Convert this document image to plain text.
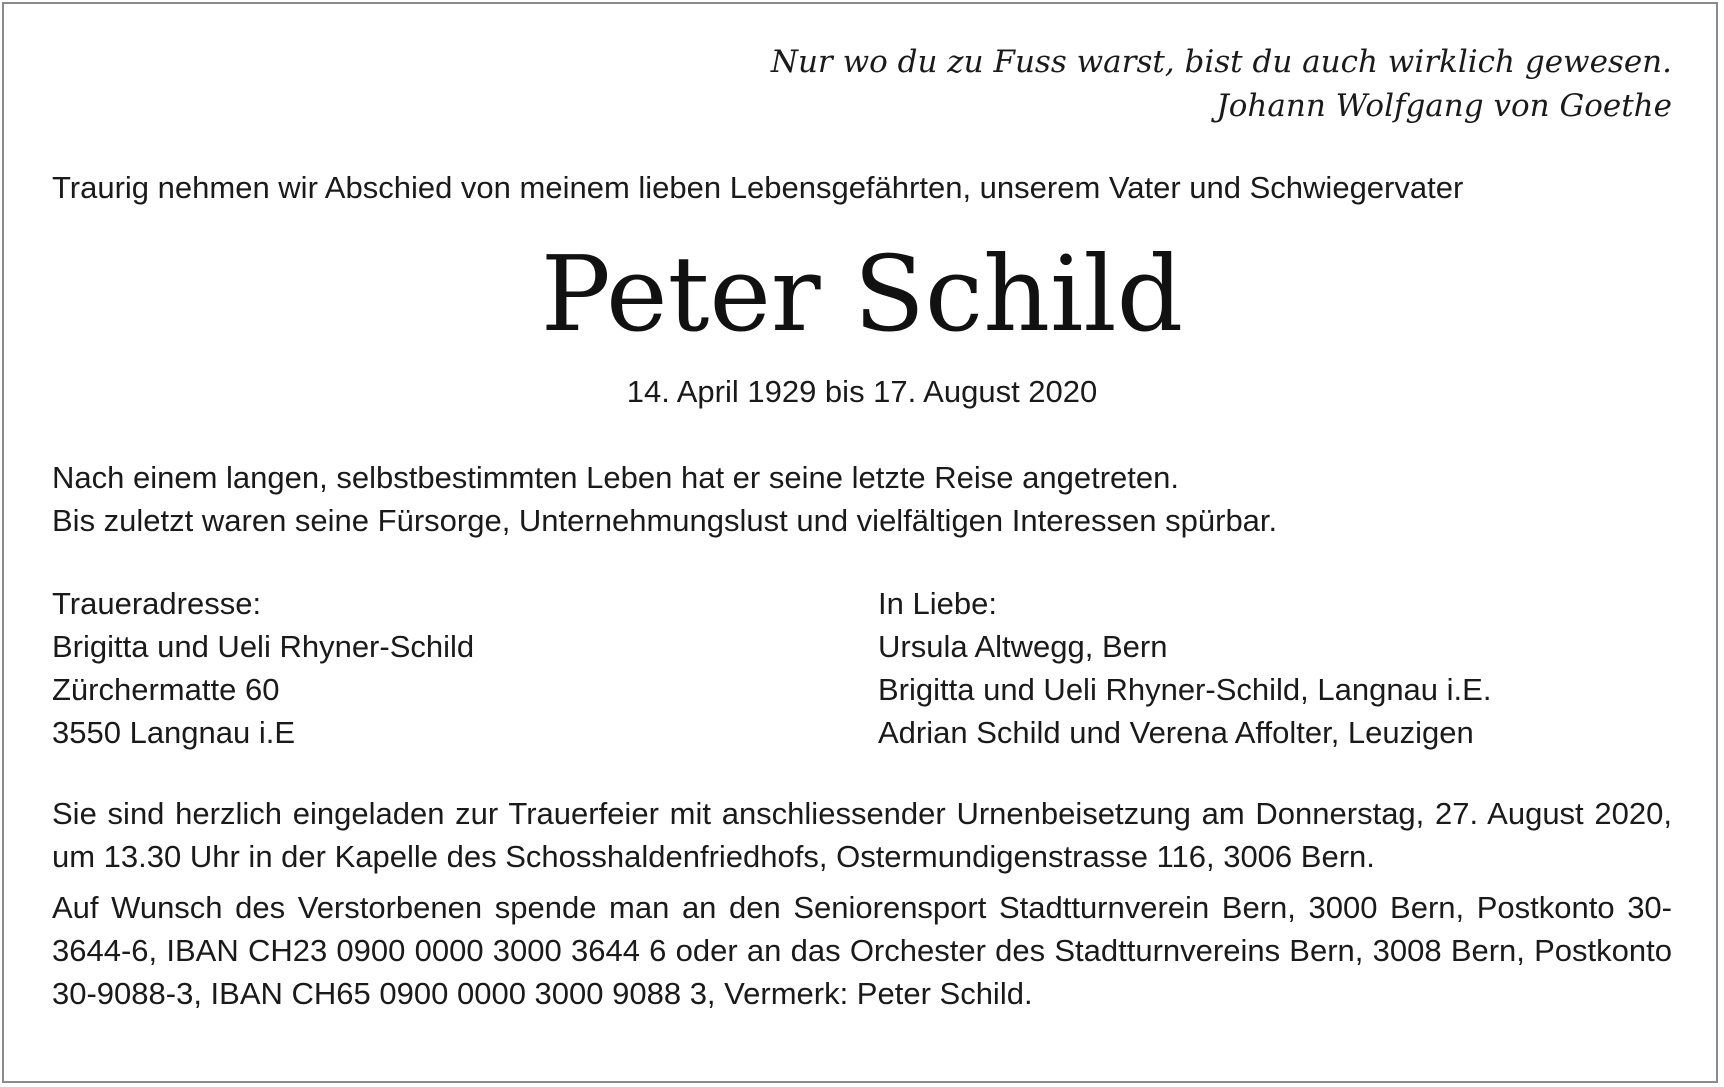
Nur wo du zu Fuss warst, bist du auch wirklich gewesen.
Johann Wolfgang von Goethe
Traurig nehmen wir Abschied von meinem lieben Lebensgefährten, unserem Vater und Schwiegervater
Peter Schild
14. April 1929 bis 17. August 2020
Nach einem langen, selbstbestimmten Leben hat er seine letzte Reise angetreten.
Bis zuletzt waren seine Fürsorge, Unternehmungslust und vielfältigen Interessen spürbar.
Traueradresse:
Brigitta und Ueli Rhyner-Schild
Zürchermatte 60
3550 Langnau i.E
In Liebe:
Ursula Altwegg, Bern
Brigitta und Ueli Rhyner-Schild, Langnau i.E.
Adrian Schild und Verena Affolter, Leuzigen
Sie sind herzlich eingeladen zur Trauerfeier mit anschliessender Urnenbeisetzung am Donnerstag, 27. August 2020, um 13.30 Uhr in der Kapelle des Schosshaldenfriedhofs, Ostermundigenstrasse 116, 3006 Bern.
Auf Wunsch des Verstorbenen spende man an den Seniorensport Stadtturnverein Bern, 3000 Bern, Postkonto 30-3644-6, IBAN CH23 0900 0000 3000 3644 6 oder an das Orchester des Stadtturnvereins Bern, 3008 Bern, Postkonto 30-9088-3, IBAN CH65 0900 0000 3000 9088 3, Vermerk: Peter Schild.
